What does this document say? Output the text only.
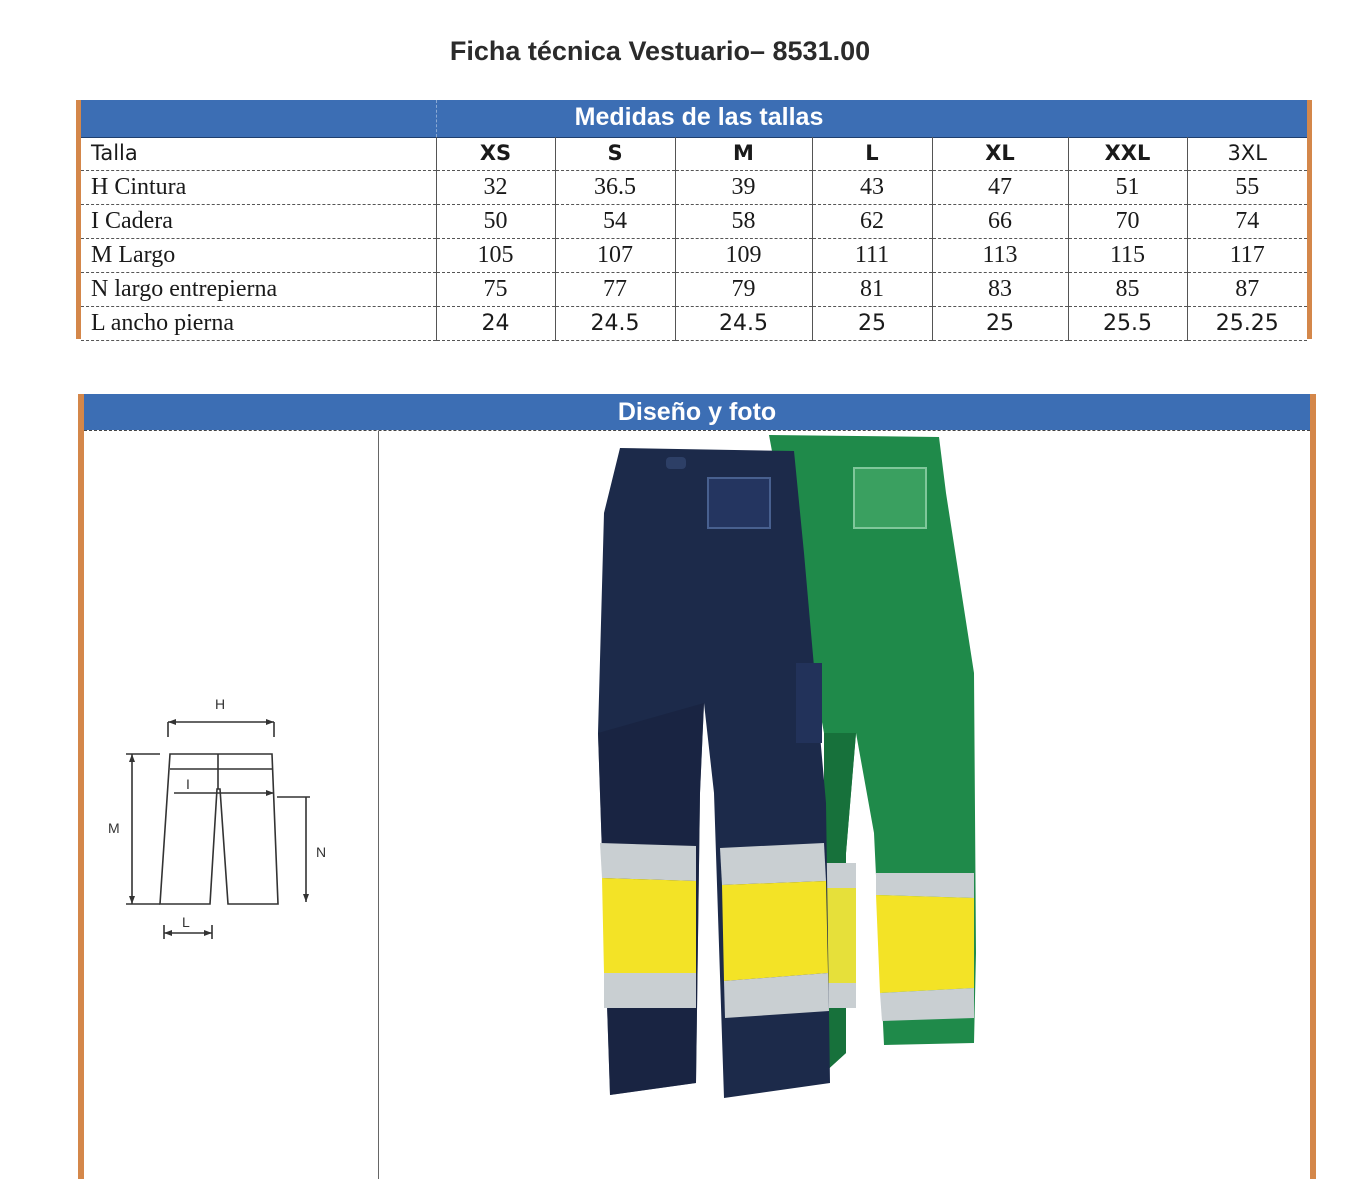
Ficha técnica Vestuario– 8531.00
Medidas de las tallas
Talla	XS	S	M	L	XL	XXL	3XL
H Cintura	32	36.5	39	43	47	51	55
I Cadera	50	54	58	62	66	70	74
M Largo	105	107	109	111	113	115	117
N largo entrepierna	75	77	79	81	83	85	87
L ancho pierna	24	24.5	24.5	25	25	25.5	25.25
Diseño y foto
H
I
M
N
L
